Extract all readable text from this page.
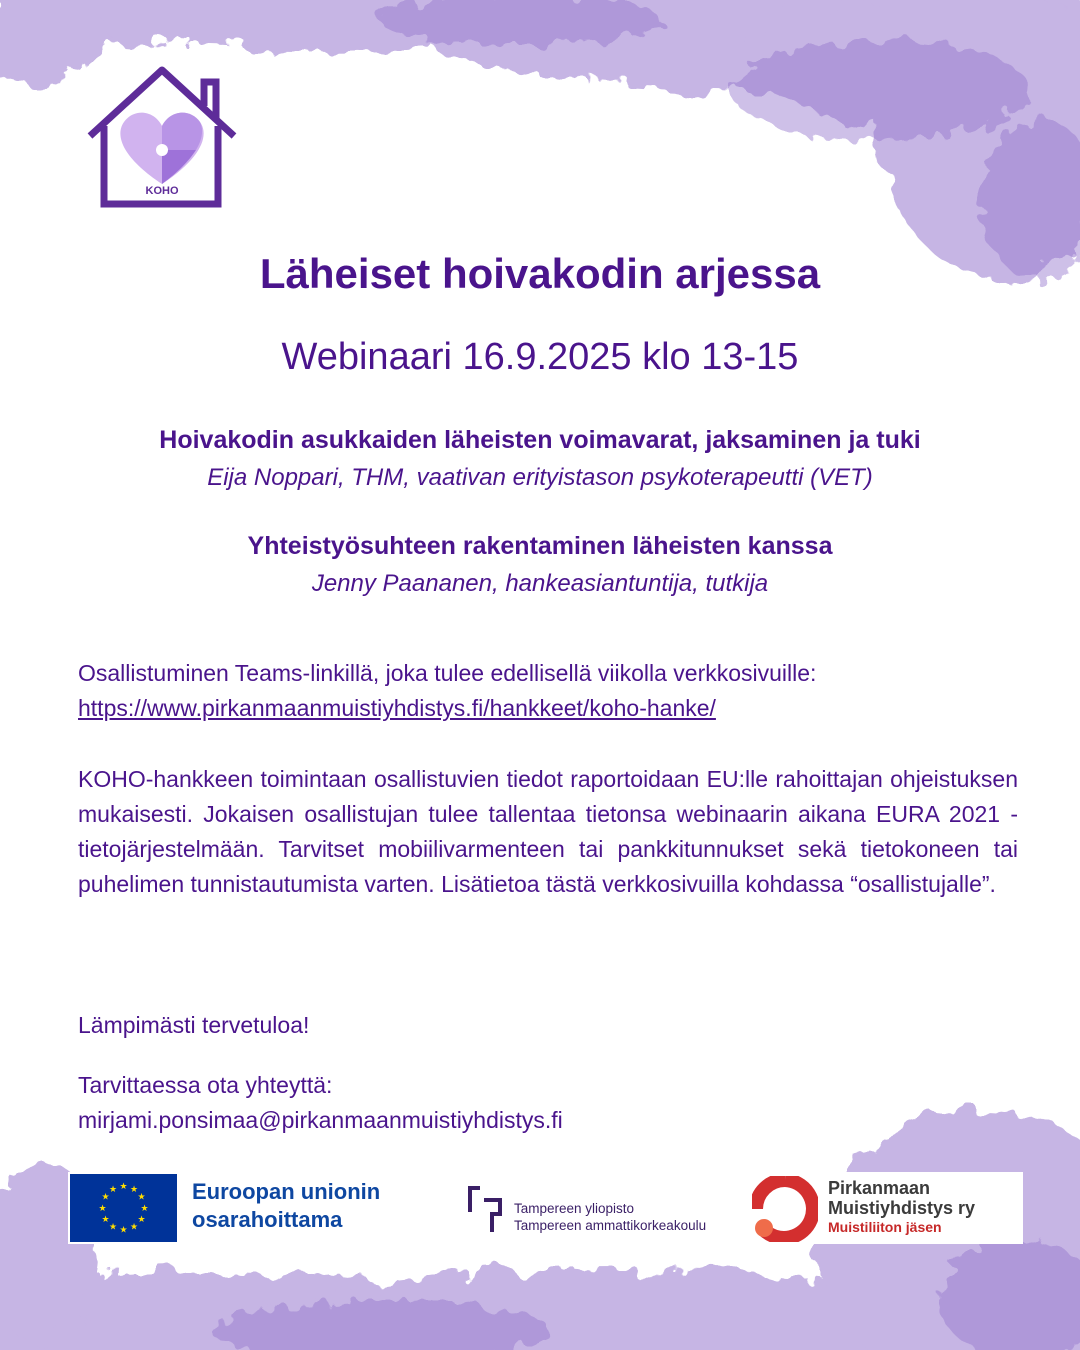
KOHO
Läheiset hoivakodin arjessa
Webinaari 16.9.2025 klo 13-15
Hoivakodin asukkaiden läheisten voimavarat, jaksaminen ja tuki
Eija Noppari, THM, vaativan erityistason psykoterapeutti (VET)
Yhteistyösuhteen rakentaminen läheisten kanssa
Jenny Paananen, hankeasiantuntija, tutkija
Osallistuminen Teams-linkillä, joka tulee edellisellä viikolla verkkosivuille:
https://www.pirkanmaanmuistiyhdistys.fi/hankkeet/koho-hanke/
KOHO-hankkeen toimintaan osallistuvien tiedot raportoidaan EU:lle rahoittajan ohjeistuksen mukaisesti. Jokaisen osallistujan tulee tallentaa tietonsa webinaarin aikana EURA 2021 -tietojärjestelmään. Tarvitset mobiilivarmenteen tai pankkitunnukset sekä tietokoneen tai puhelimen tunnistautumista varten. Lisätietoa tästä verkkosivuilla kohdassa “osallistujalle”.
Lämpimästi tervetuloa!
Tarvittaessa ota yhteyttä:
mirjami.ponsimaa@pirkanmaanmuistiyhdistys.fi
★ ★
★
★
★
★
★
★
★
★
★
★	Euroopan unionin
osarahoittama	Tampereen yliopisto
Tampereen ammattikorkeakoulu
Pirkanmaan
Muistiyhdistys ry
Muistiliiton jäsen
